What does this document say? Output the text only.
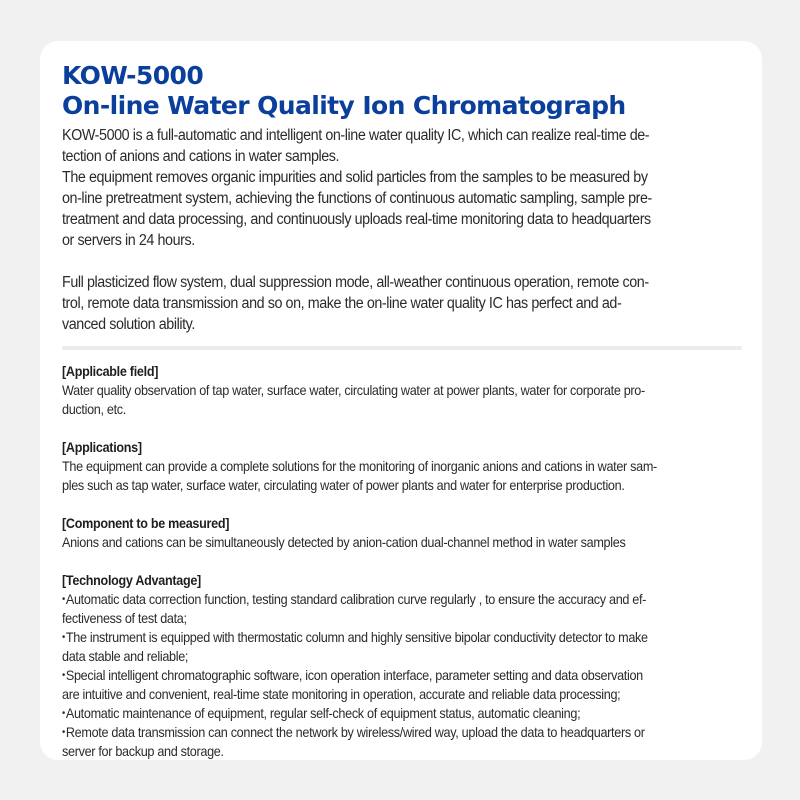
KOW-5000
On-line Water Quality Ion Chromatograph
KOW-5000 is a full-automatic and intelligent on-line water quality IC, which can realize real-time de-
tection of anions and cations in water samples.
The equipment removes organic impurities and solid particles from the samples to be measured by
on-line pretreatment system, achieving the functions of continuous automatic sampling, sample pre-
treatment and data processing, and continuously uploads real-time monitoring data to headquarters
or servers in 24 hours.
Full plasticized flow system, dual suppression mode, all-weather continuous operation, remote con-
trol, remote data transmission and so on, make the on-line water quality IC has perfect and ad-
vanced solution ability.
[Applicable field]
Water quality observation of tap water, surface water, circulating water at power plants, water for corporate pro-
duction, etc.
[Applications]
The equipment can provide a complete solutions for the monitoring of inorganic anions and cations in water sam-
ples such as tap water, surface water, circulating water of power plants and water for enterprise production.
[Component to be measured]
Anions and cations can be simultaneously detected by anion-cation dual-channel method in water samples
[Technology Advantage]
• Automatic data correction function, testing standard calibration curve regularly , to ensure the accuracy and ef-
fectiveness of test data;
• The instrument is equipped with thermostatic column and highly sensitive bipolar conductivity detector to make
data stable and reliable;
• Special intelligent chromatographic software, icon operation interface, parameter setting and data observation
are intuitive and convenient, real-time state monitoring in operation, accurate and reliable data processing;
• Automatic maintenance of equipment, regular self-check of equipment status, automatic cleaning;
• Remote data transmission can connect the network by wireless/wired way, upload the data to headquarters or
server for backup and storage.
